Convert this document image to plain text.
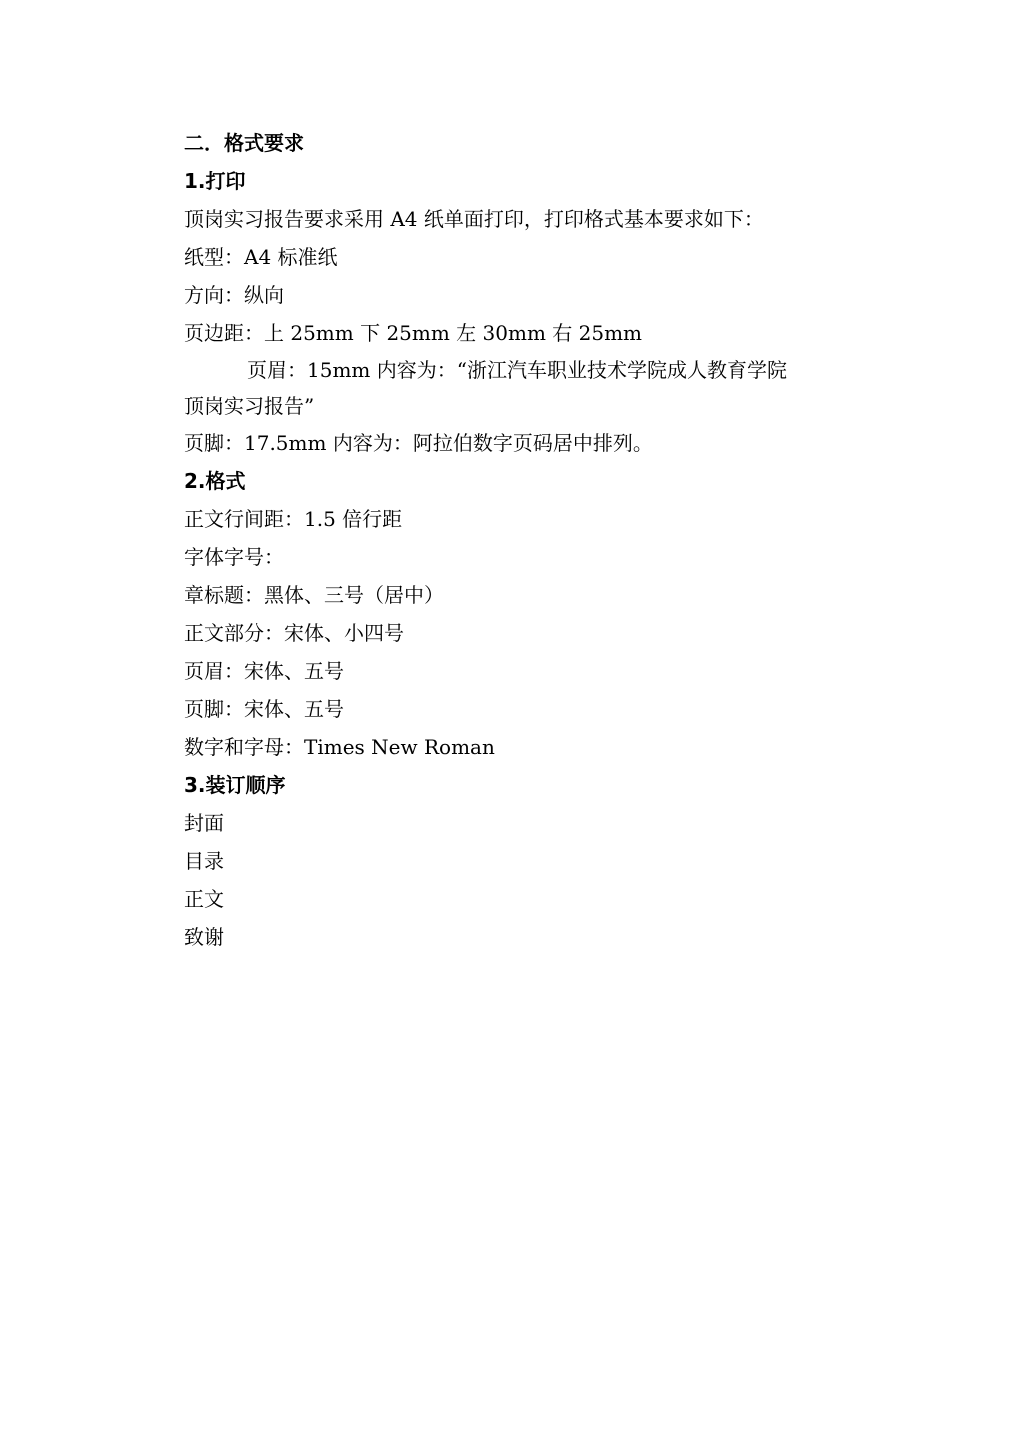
二．格式要求
1.打印
顶岗实习报告要求采用 A4 纸单面打印，打印格式基本要求如下：
纸型：A4 标准纸
方向：纵向
页边距：上 25mm 下 25mm 左 30mm 右 25mm
页眉：15mm 内容为：“浙江汽车职业技术学院成人教育学院
顶岗实习报告”
页脚：17.5mm 内容为：阿拉伯数字页码居中排列。
2.格式
正文行间距：1.5 倍行距
字体字号：
章标题：黑体、三号（居中）
正文部分：宋体、小四号
页眉：宋体、五号
页脚：宋体、五号
数字和字母：Times New Roman
3.装订顺序
封面
目录
正文
致谢
